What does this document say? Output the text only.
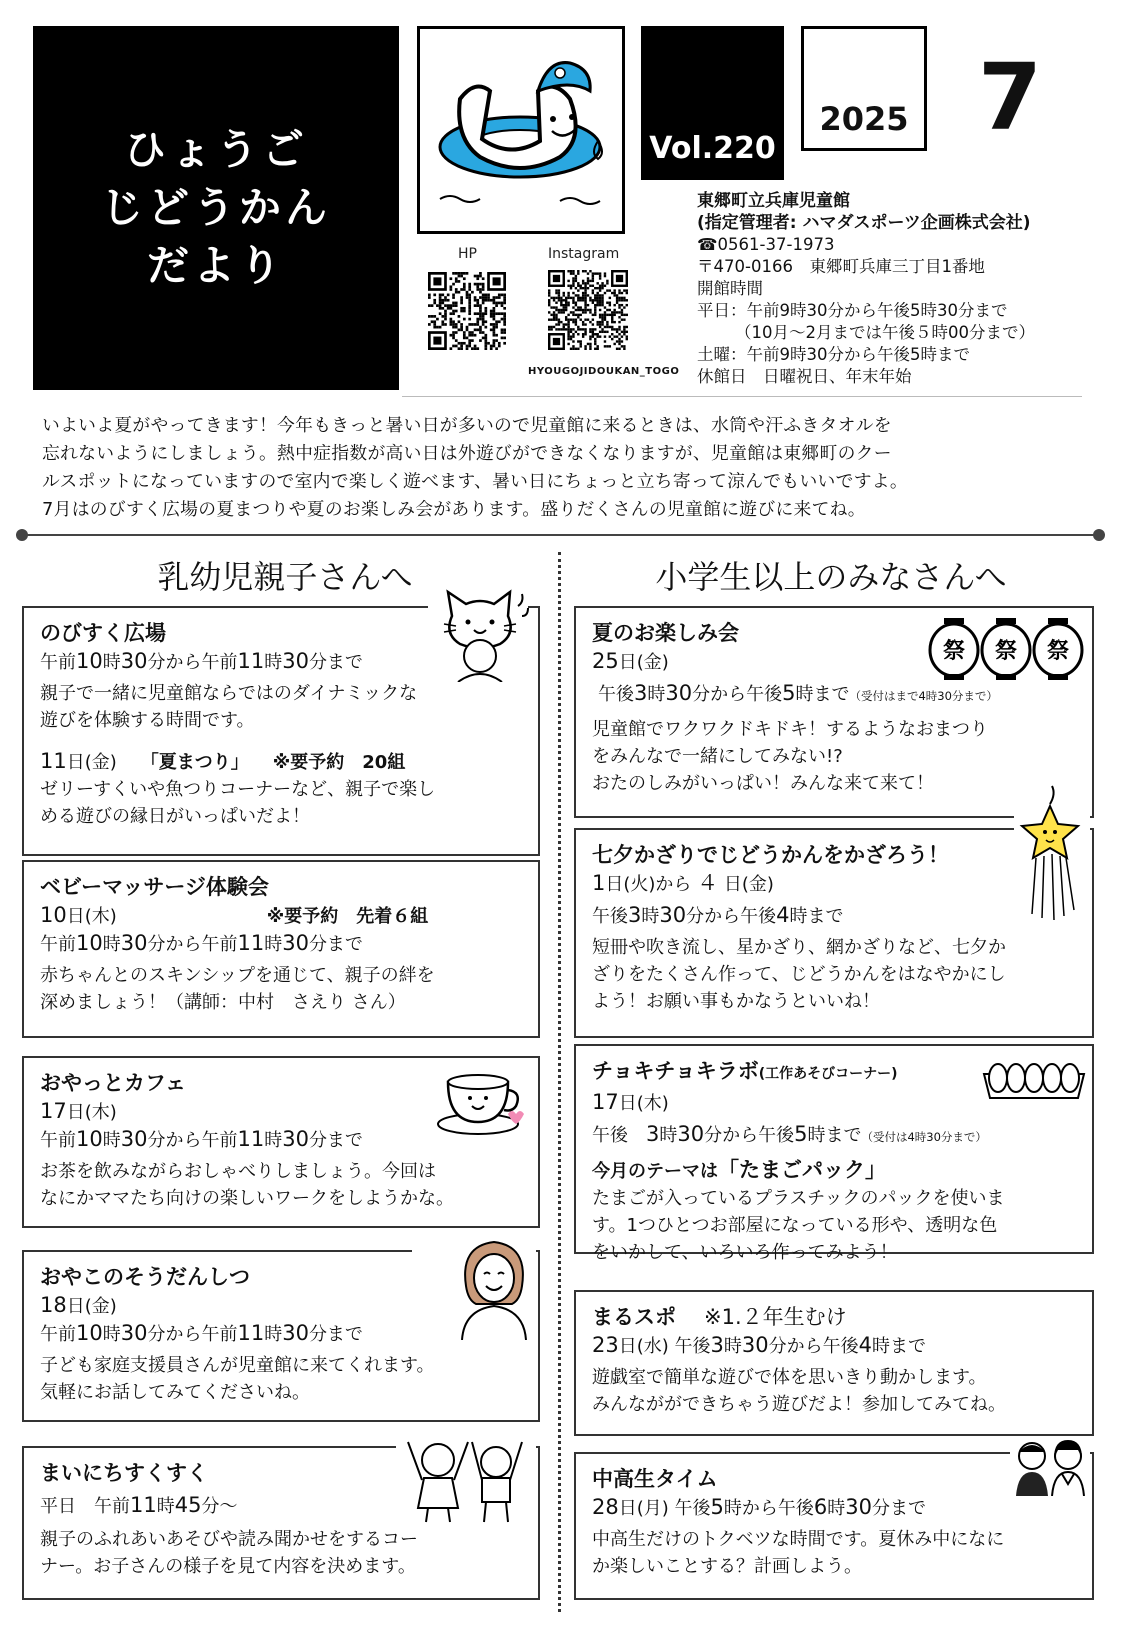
ひょうご
じどうかん
だより
Vol.220
2025 7
HP	Instagram
HYOUGOJIDOUKAN_TOGO
東郷町立兵庫児童館
(指定管理者: ハマダスポーツ企画株式会社)
☎0561-37-1973
〒470-0166　東郷町兵庫三丁目1番地
開館時間
平日：午前9時30分から午後5時30分まで
（10月～2月までは午後５時00分まで）
土曜：午前9時30分から午後5時まで
休館日　日曜祝日、年末年始
いよいよ夏がやってきます！今年もきっと暑い日が多いので児童館に来るときは、水筒や汗ふきタオルを
忘れないようにしましょう。熱中症指数が高い日は外遊びができなくなりますが、児童館は東郷町のクー
ルスポットになっていますので室内で楽しく遊べます、暑い日にちょっと立ち寄って涼んでもいいですよ。
7月はのびすく広場の夏まつりや夏のお楽しみ会があります。盛りだくさんの児童館に遊びに来てね。
乳幼児親子さんへ	小学生以上のみなさんへ
のびすく広場
午前10時30分から午前11時30分まで
親子で一緒に児童館ならではのダイナミックな
遊びを体験する時間です。
11日(金) 「夏まつり」 ※要予約　20組
ゼリーすくいや魚つりコーナーなど、親子で楽し
める遊びの縁日がいっぱいだよ！
ベビーマッサージ体験会
10日(木)	※要予約　先着６組
午前10時30分から午前11時30分まで
赤ちゃんとのスキンシップを通じて、親子の絆を
深めましょう！（講師：中村　さえり さん）
おやっとカフェ
17日(木)
午前10時30分から午前11時30分まで
お茶を飲みながらおしゃべりしましょう。今回は
なにかママたち向けの楽しいワークをしようかな。
おやこのそうだんしつ
18日(金)
午前10時30分から午前11時30分まで
子ども家庭支援員さんが児童館に来てくれます。
気軽にお話してみてくださいね。
まいにちすくすく
平日　午前11時45分～
親子のふれあいあそびや読み聞かせをするコー
ナー。お子さんの様子を見て内容を決めます。
夏のお楽しみ会
25日(金)
午後3時30分から午後5時まで（受付はまで4時30分まで）
児童館でワクワクドキドキ！するようなおまつり
をみんなで一緒にしてみない!?
おたのしみがいっぱい！みんな来て来て！
祭 祭 祭
七夕かざりでじどうかんをかざろう！
1日(火)から ４ 日(金)
午後3時30分から午後4時まで
短冊や吹き流し、星かざり、網かざりなど、七夕か
ざりをたくさん作って、じどうかんをはなやかにし
よう！お願い事もかなうといいね！
チョキチョキラボ(工作あそびコーナー)
17日(木)
午後　3時30分から午後5時まで（受付は4時30分まで）
今月のテーマは「たまごパック」
たまごが入っているプラスチックのパックを使いま
す。1つひとつお部屋になっている形や、透明な色
をいかして、いろいろ作ってみよう！
まるスポ ※1.２年生むけ
23日(水) 午後3時30分から午後4時まで
遊戯室で簡単な遊びで体を思いきり動かします。
みんながができちゃう遊びだよ！参加してみてね。
中高生タイム
28日(月) 午後5時から午後6時30分まで
中高生だけのトクベツな時間です。夏休み中になに
か楽しいことする？計画しよう。
